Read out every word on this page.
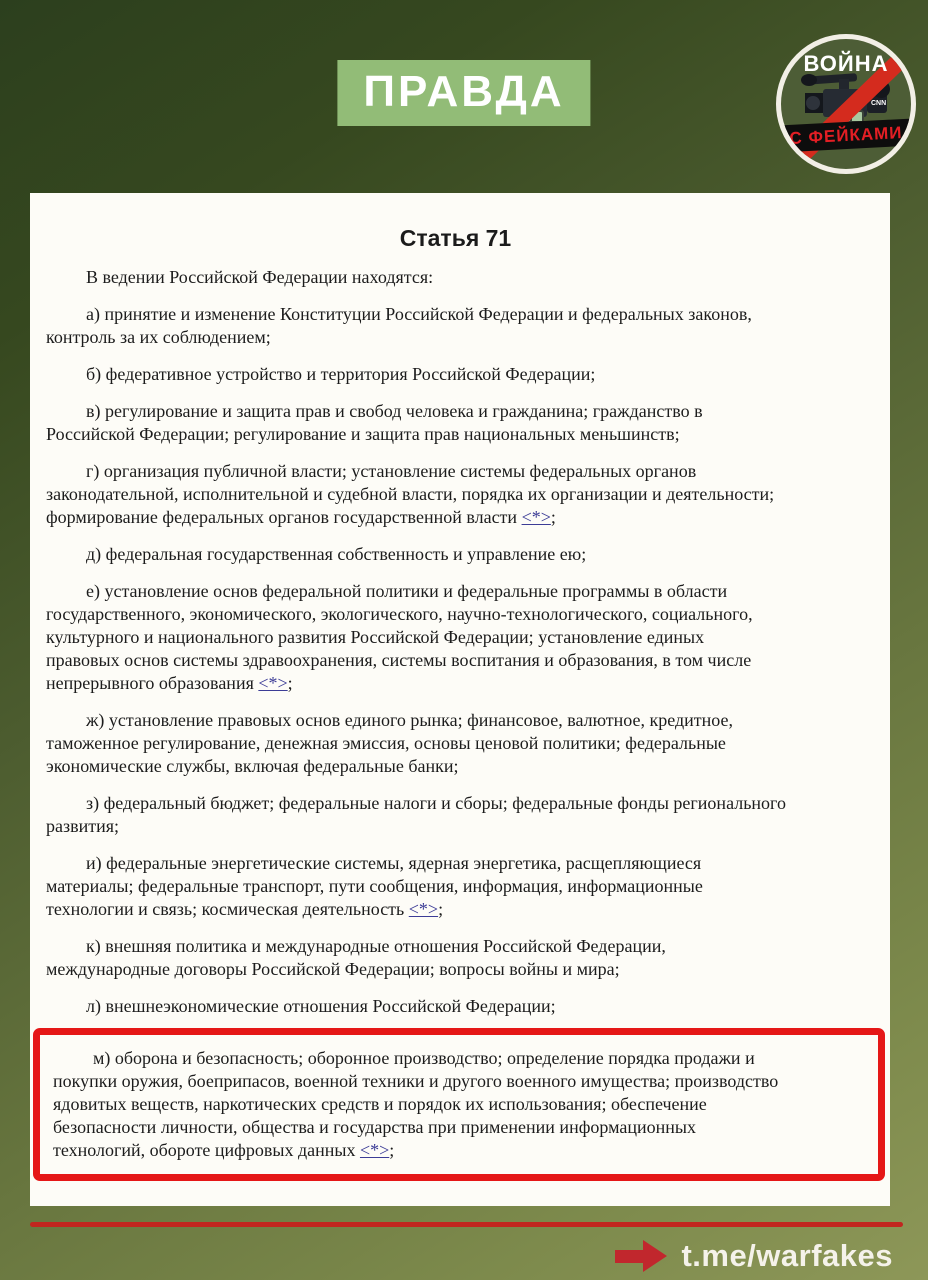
ПРАВДА
ВОЙНА
CNN
С ФЕЙКАМИ
Статья 71

В ведении Российской Федерации находятся:

а) принятие и изменение Конституции Российской Федерации и федеральных законов,
контроль за их соблюдением;

б) федеративное устройство и территория Российской Федерации;

в) регулирование и защита прав и свобод человека и гражданина; гражданство в
Российской Федерации; регулирование и защита прав национальных меньшинств;

г) организация публичной власти; установление системы федеральных органов
законодательной, исполнительной и судебной власти, порядка их организации и деятельности;
формирование федеральных органов государственной власти <*>;

д) федеральная государственная собственность и управление ею;

е) установление основ федеральной политики и федеральные программы в области
государственного, экономического, экологического, научно-технологического, социального,
культурного и национального развития Российской Федерации; установление единых
правовых основ системы здравоохранения, системы воспитания и образования, в том числе
непрерывного образования <*>;

ж) установление правовых основ единого рынка; финансовое, валютное, кредитное,
таможенное регулирование, денежная эмиссия, основы ценовой политики; федеральные
экономические службы, включая федеральные банки;

з) федеральный бюджет; федеральные налоги и сборы; федеральные фонды регионального
развития;

и) федеральные энергетические системы, ядерная энергетика, расщепляющиеся
материалы; федеральные транспорт, пути сообщения, информация, информационные
технологии и связь; космическая деятельность <*>;

к) внешняя политика и международные отношения Российской Федерации,
международные договоры Российской Федерации; вопросы войны и мира;

л) внешнеэкономические отношения Российской Федерации;

м) оборона и безопасность; оборонное производство; определение порядка продажи и
покупки оружия, боеприпасов, военной техники и другого военного имущества; производство
ядовитых веществ, наркотических средств и порядок их использования; обеспечение
безопасности личности, общества и государства при применении информационных
технологий, обороте цифровых данных <*>;

t.me/warfakes
